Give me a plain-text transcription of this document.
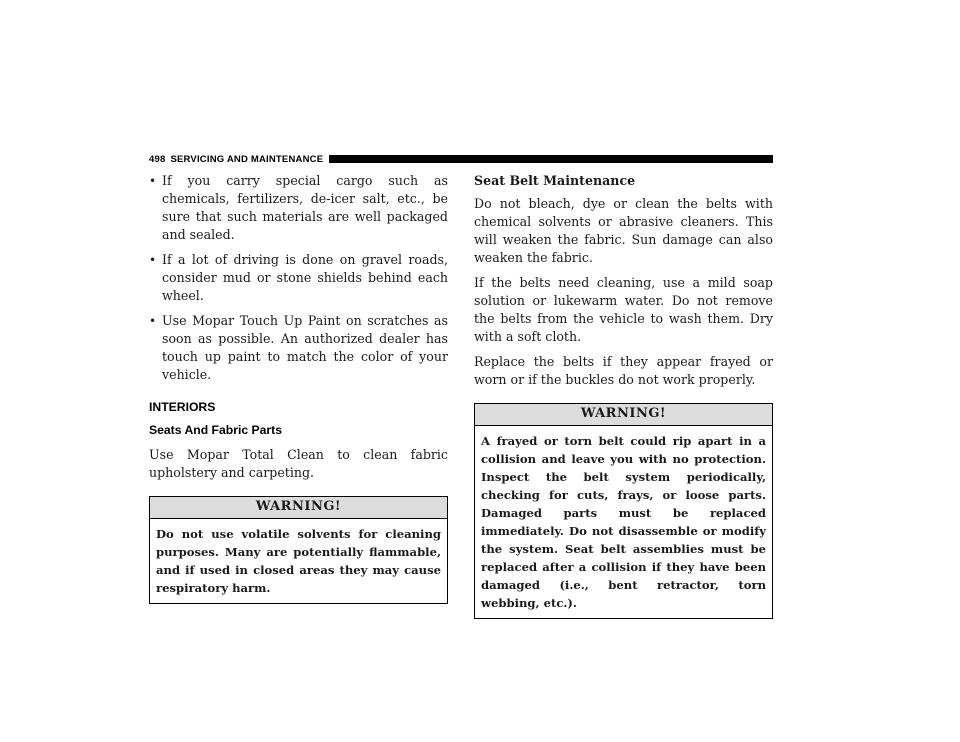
498 SERVICING AND MAINTENANCE
• If you carry special cargo such as chemicals, fertilizers, de-icer salt, etc., be sure that such materials are well packaged and sealed.
• If a lot of driving is done on gravel roads, consider mud or stone shields behind each wheel.
• Use Mopar Touch Up Paint on scratches as soon as possible. An authorized dealer has touch up paint to match the color of your vehicle.
INTERIORS
Seats And Fabric Parts

Use Mopar Total Clean to clean fabric upholstery and carpeting.

WARNING!
Do not use volatile solvents for cleaning purposes. Many are potentially flammable, and if used in closed areas they may cause respiratory harm.
Seat Belt Maintenance

Do not bleach, dye or clean the belts with chemical solvents or abrasive cleaners. This will weaken the fabric. Sun damage can also weaken the fabric.

If the belts need cleaning, use a mild soap solution or lukewarm water. Do not remove the belts from the vehicle to wash them. Dry with a soft cloth.

Replace the belts if they appear frayed or worn or if the buckles do not work properly.

WARNING!
A frayed or torn belt could rip apart in a collision and leave you with no protection. Inspect the belt system periodically, checking for cuts, frays, or loose parts. Damaged parts must be replaced immediately. Do not disassemble or modify the system. Seat belt assemblies must be replaced after a collision if they have been damaged (i.e., bent retractor, torn webbing, etc.).
